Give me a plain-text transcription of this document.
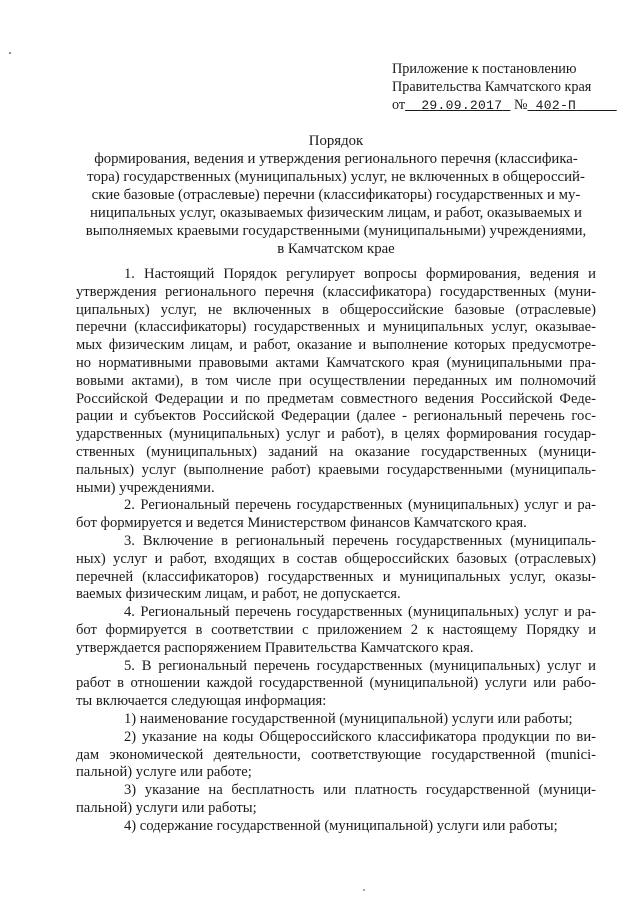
Приложение к постановлению
Правительства Камчатского края
от 29.09.2017 № 402-П
Порядок
формирования, ведения и утверждения регионального перечня (классифика-
тора) государственных (муниципальных) услуг, не включенных в общероссий-
ские базовые (отраслевые) перечни (классификаторы) государственных и му-
ниципальных услуг, оказываемых физическим лицам, и работ, оказываемых и
выполняемых краевыми государственными (муниципальными) учреждениями,
в Камчатском крае
1. Настоящий Порядок регулирует вопросы формирования, ведения и
утверждения регионального перечня (классификатора) государственных (муни-
ципальных) услуг, не включенных в общероссийские базовые (отраслевые)
перечни (классификаторы) государственных и муниципальных услуг, оказывае-
мых физическим лицам, и работ, оказание и выполнение которых предусмотре-
но нормативными правовыми актами Камчатского края (муниципальными пра-
вовыми актами), в том числе при осуществлении переданных им полномочий
Российской Федерации и по предметам совместного ведения Российской Феде-
рации и субъектов Российской Федерации (далее - региональный перечень гос-
ударственных (муниципальных) услуг и работ), в целях формирования государ-
ственных (муниципальных) заданий на оказание государственных (муници-
пальных) услуг (выполнение работ) краевыми государственными (муниципаль-
ными) учреждениями.
2. Региональный перечень государственных (муниципальных) услуг и ра-
бот формируется и ведется Министерством финансов Камчатского края.
3. Включение в региональный перечень государственных (муниципаль-
ных) услуг и работ, входящих в состав общероссийских базовых (отраслевых)
перечней (классификаторов) государственных и муниципальных услуг, оказы-
ваемых физическим лицам, и работ, не допускается.
4. Региональный перечень государственных (муниципальных) услуг и ра-
бот формируется в соответствии с приложением 2 к настоящему Порядку и
утверждается распоряжением Правительства Камчатского края.
5. В региональный перечень государственных (муниципальных) услуг и
работ в отношении каждой государственной (муниципальной) услуги или рабо-
ты включается следующая информация:
1) наименование государственной (муниципальной) услуги или работы;
2) указание на коды Общероссийского классификатора продукции по ви-
дам экономической деятельности, соответствующие государственной (munici-
пальной) услуге или работе;
3) указание на бесплатность или платность государственной (муници-
пальной) услуги или работы;
4) содержание государственной (муниципальной) услуги или работы;
